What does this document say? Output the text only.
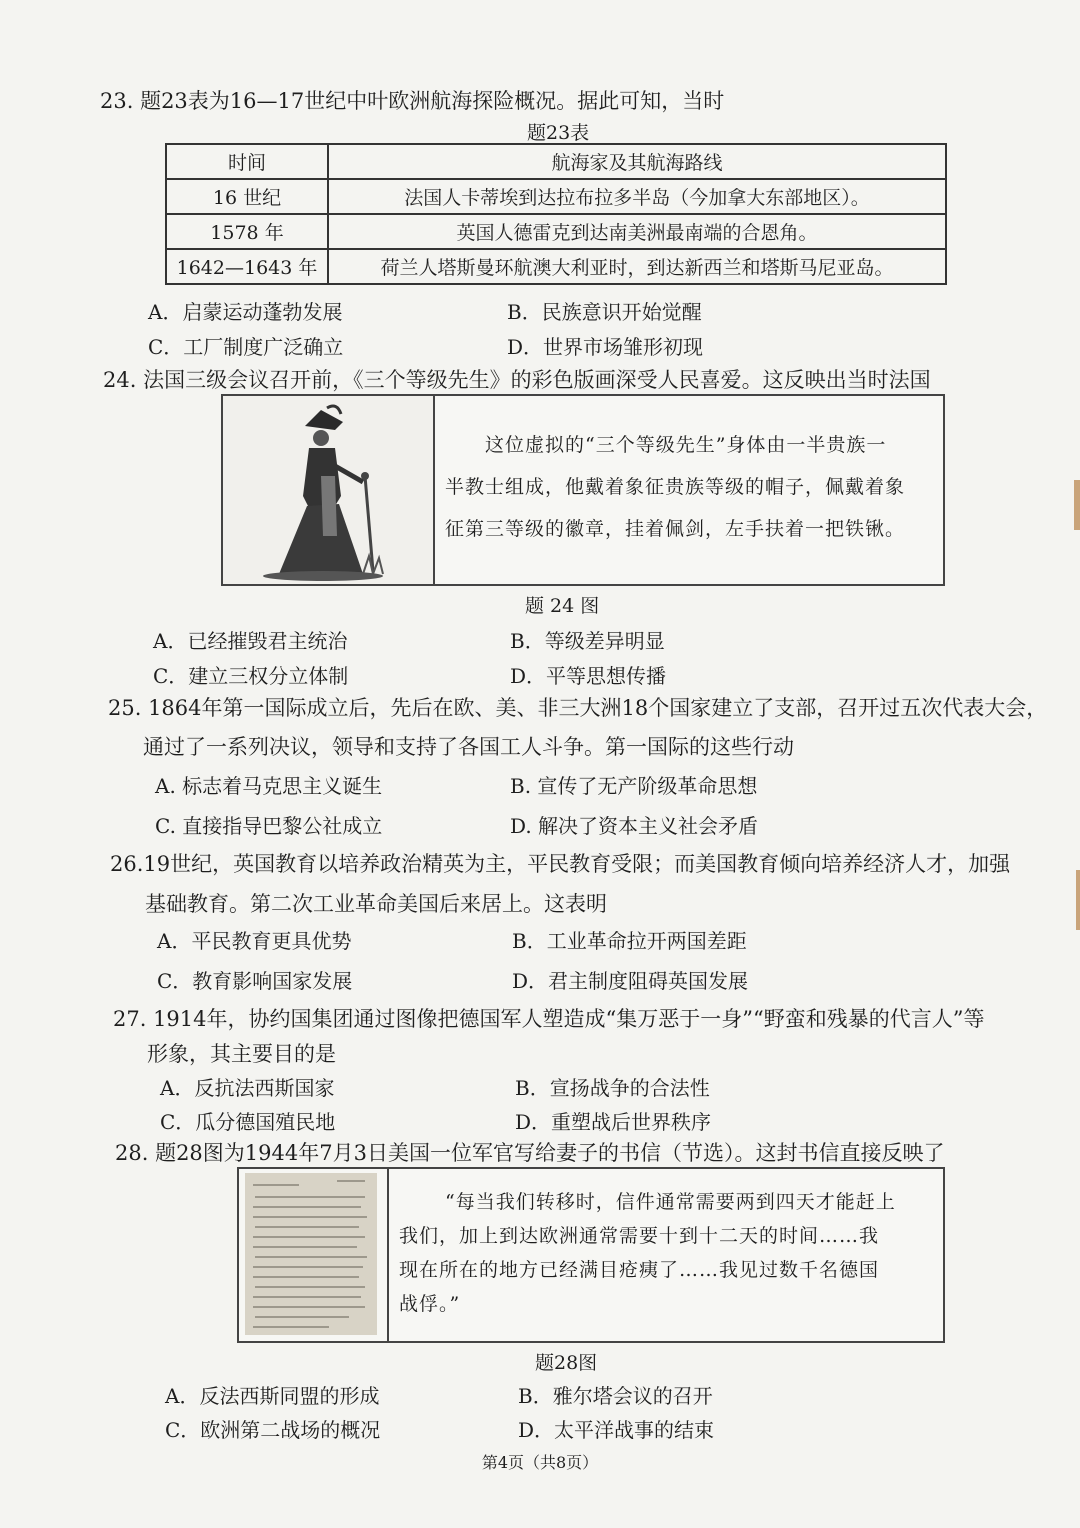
23. 题23表为16—17世纪中叶欧洲航海探险概况。据此可知，当时
题23表
时间	航海家及其航海路线
16 世纪	法国人卡蒂埃到达拉布拉多半岛（今加拿大东部地区）。
1578 年	英国人德雷克到达南美洲最南端的合恩角。
1642—1643 年	荷兰人塔斯曼环航澳大利亚时，到达新西兰和塔斯马尼亚岛。
A．启蒙运动蓬勃发展	B．民族意识开始觉醒
C．工厂制度广泛确立	D．世界市场雏形初现
24. 法国三级会议召开前，《三个等级先生》的彩色版画深受人民喜爱。这反映出当时法国
这位虚拟的“三个等级先生”身体由一半贵族一
半教士组成，他戴着象征贵族等级的帽子，佩戴着象
征第三等级的徽章，挂着佩剑，左手扶着一把铁锹。
题 24 图
A．已经摧毁君主统治	B．等级差异明显
C．建立三权分立体制	D．平等思想传播
25. 1864年第一国际成立后，先后在欧、美、非三大洲18个国家建立了支部，召开过五次代表大会，
通过了一系列决议，领导和支持了各国工人斗争。第一国际的这些行动
A. 标志着马克思主义诞生	B. 宣传了无产阶级革命思想
C. 直接指导巴黎公社成立	D. 解决了资本主义社会矛盾
26.19世纪，英国教育以培养政治精英为主，平民教育受限；而美国教育倾向培养经济人才，加强
基础教育。第二次工业革命美国后来居上。这表明
A．平民教育更具优势	B．工业革命拉开两国差距
C．教育影响国家发展	D．君主制度阻碍英国发展
27. 1914年，协约国集团通过图像把德国军人塑造成“集万恶于一身”“野蛮和残暴的代言人”等
形象，其主要目的是
A．反抗法西斯国家	B．宣扬战争的合法性
C．瓜分德国殖民地	D．重塑战后世界秩序
28. 题28图为1944年7月3日美国一位军官写给妻子的书信（节选）。这封书信直接反映了
“每当我们转移时，信件通常需要两到四天才能赶上
我们，加上到达欧洲通常需要十到十二天的时间……我
现在所在的地方已经满目疮痍了……我见过数千名德国
战俘。”
题28图
A．反法西斯同盟的形成	B．雅尔塔会议的召开
C．欧洲第二战场的概况	D．太平洋战事的结束
第4页（共8页）
